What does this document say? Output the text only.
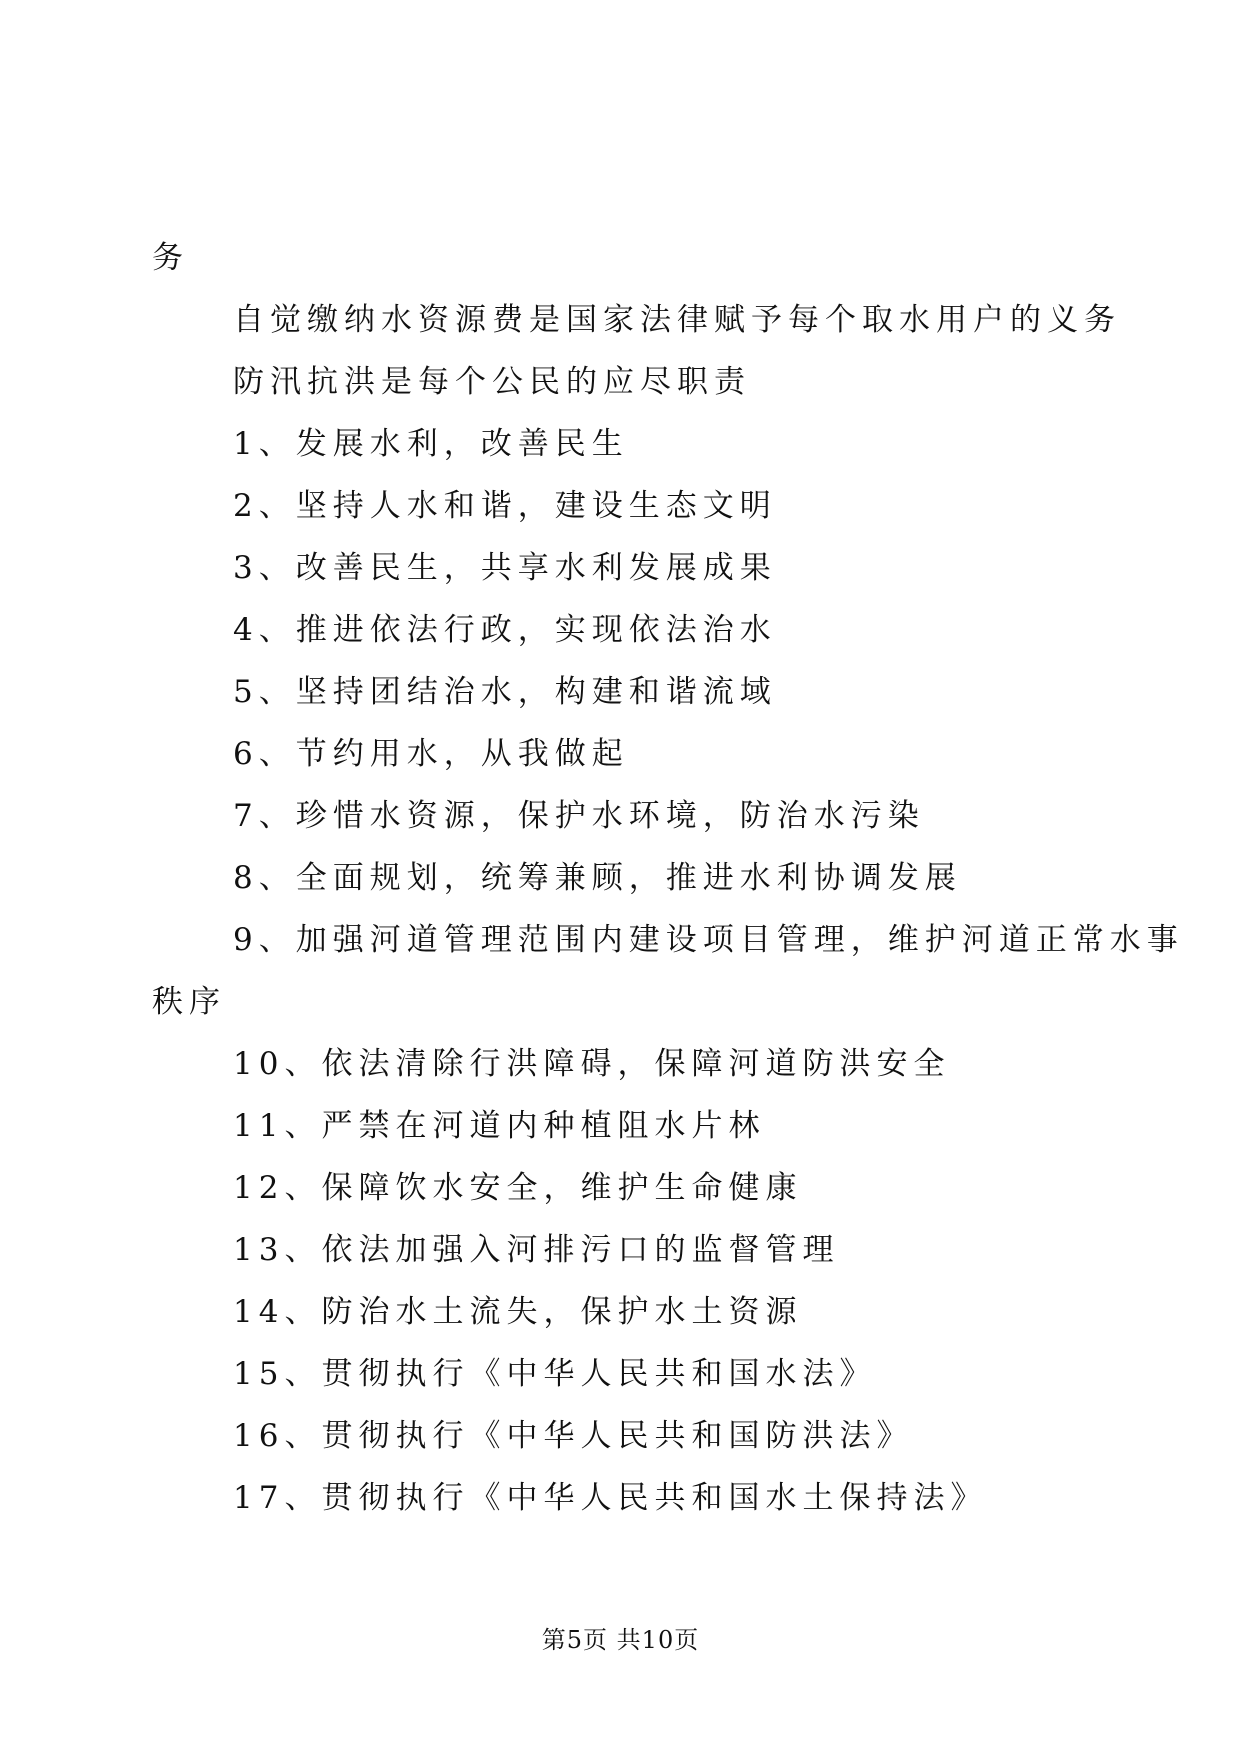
务
自觉缴纳水资源费是国家法律赋予每个取水用户的义务
防汛抗洪是每个公民的应尽职责
1、发展水利，改善民生
2、坚持人水和谐，建设生态文明
3、改善民生，共享水利发展成果
4、推进依法行政，实现依法治水
5、坚持团结治水，构建和谐流域
6、节约用水，从我做起
7、珍惜水资源，保护水环境，防治水污染
8、全面规划，统筹兼顾，推进水利协调发展
9、加强河道管理范围内建设项目管理，维护河道正常水事
秩序
10、依法清除行洪障碍，保障河道防洪安全
11、严禁在河道内种植阻水片林
12、保障饮水安全，维护生命健康
13、依法加强入河排污口的监督管理
14、防治水土流失，保护水土资源
15、贯彻执行《中华人民共和国水法》
16、贯彻执行《中华人民共和国防洪法》
17、贯彻执行《中华人民共和国水土保持法》
第5页 共10页
